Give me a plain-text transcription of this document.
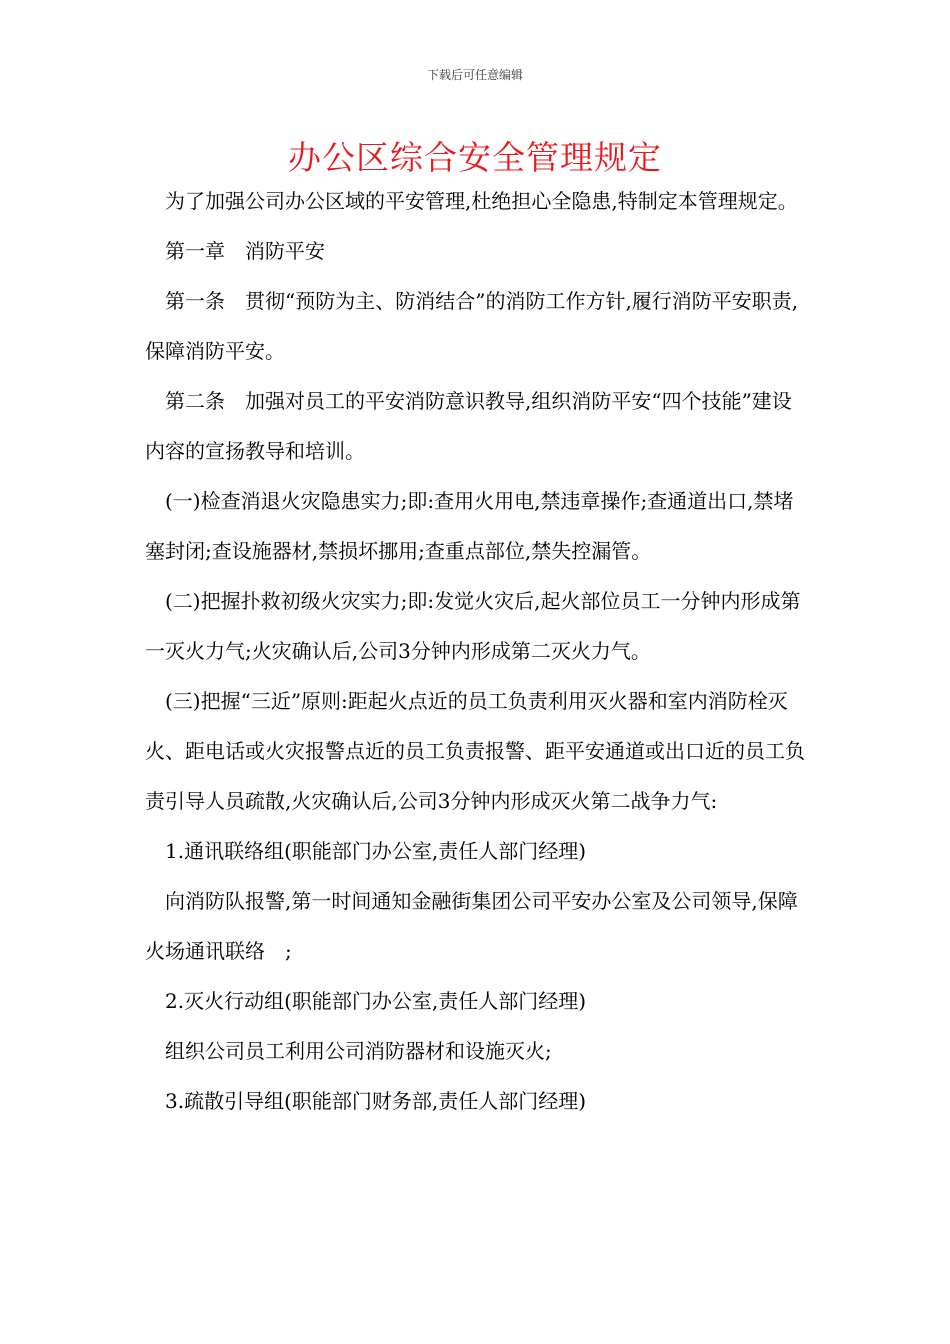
下载后可任意编辑
办公区综合安全管理规定

　为了加强公司办公区域的平安管理,杜绝担心全隐患,特制定本管理规定。

　第一章　消防平安

　第一条　贯彻“预防为主、防消结合”的消防工作方针,履行消防平安职责,保障消防平安。

　第二条　加强对员工的平安消防意识教导,组织消防平安“四个技能”建设内容的宣扬教导和培训。

　(一)检查消退火灾隐患实力;即:查用火用电,禁违章操作;查通道出口,禁堵塞封闭;查设施器材,禁损坏挪用;查重点部位,禁失控漏管。

　(二)把握扑救初级火灾实力;即:发觉火灾后,起火部位员工一分钟内形成第一灭火力气;火灾确认后,公司3分钟内形成第二灭火力气。

　(三)把握“三近”原则:距起火点近的员工负责利用灭火器和室内消防栓灭火、距电话或火灾报警点近的员工负责报警、距平安通道或出口近的员工负责引导人员疏散,火灾确认后,公司3分钟内形成灭火第二战争力气:

　1.通讯联络组(职能部门办公室,责任人部门经理)

　向消防队报警,第一时间通知金融街集团公司平安办公室及公司领导,保障火场通讯联络　;

　2.灭火行动组(职能部门办公室,责任人部门经理)

　组织公司员工利用公司消防器材和设施灭火;

　3.疏散引导组(职能部门财务部,责任人部门经理)
